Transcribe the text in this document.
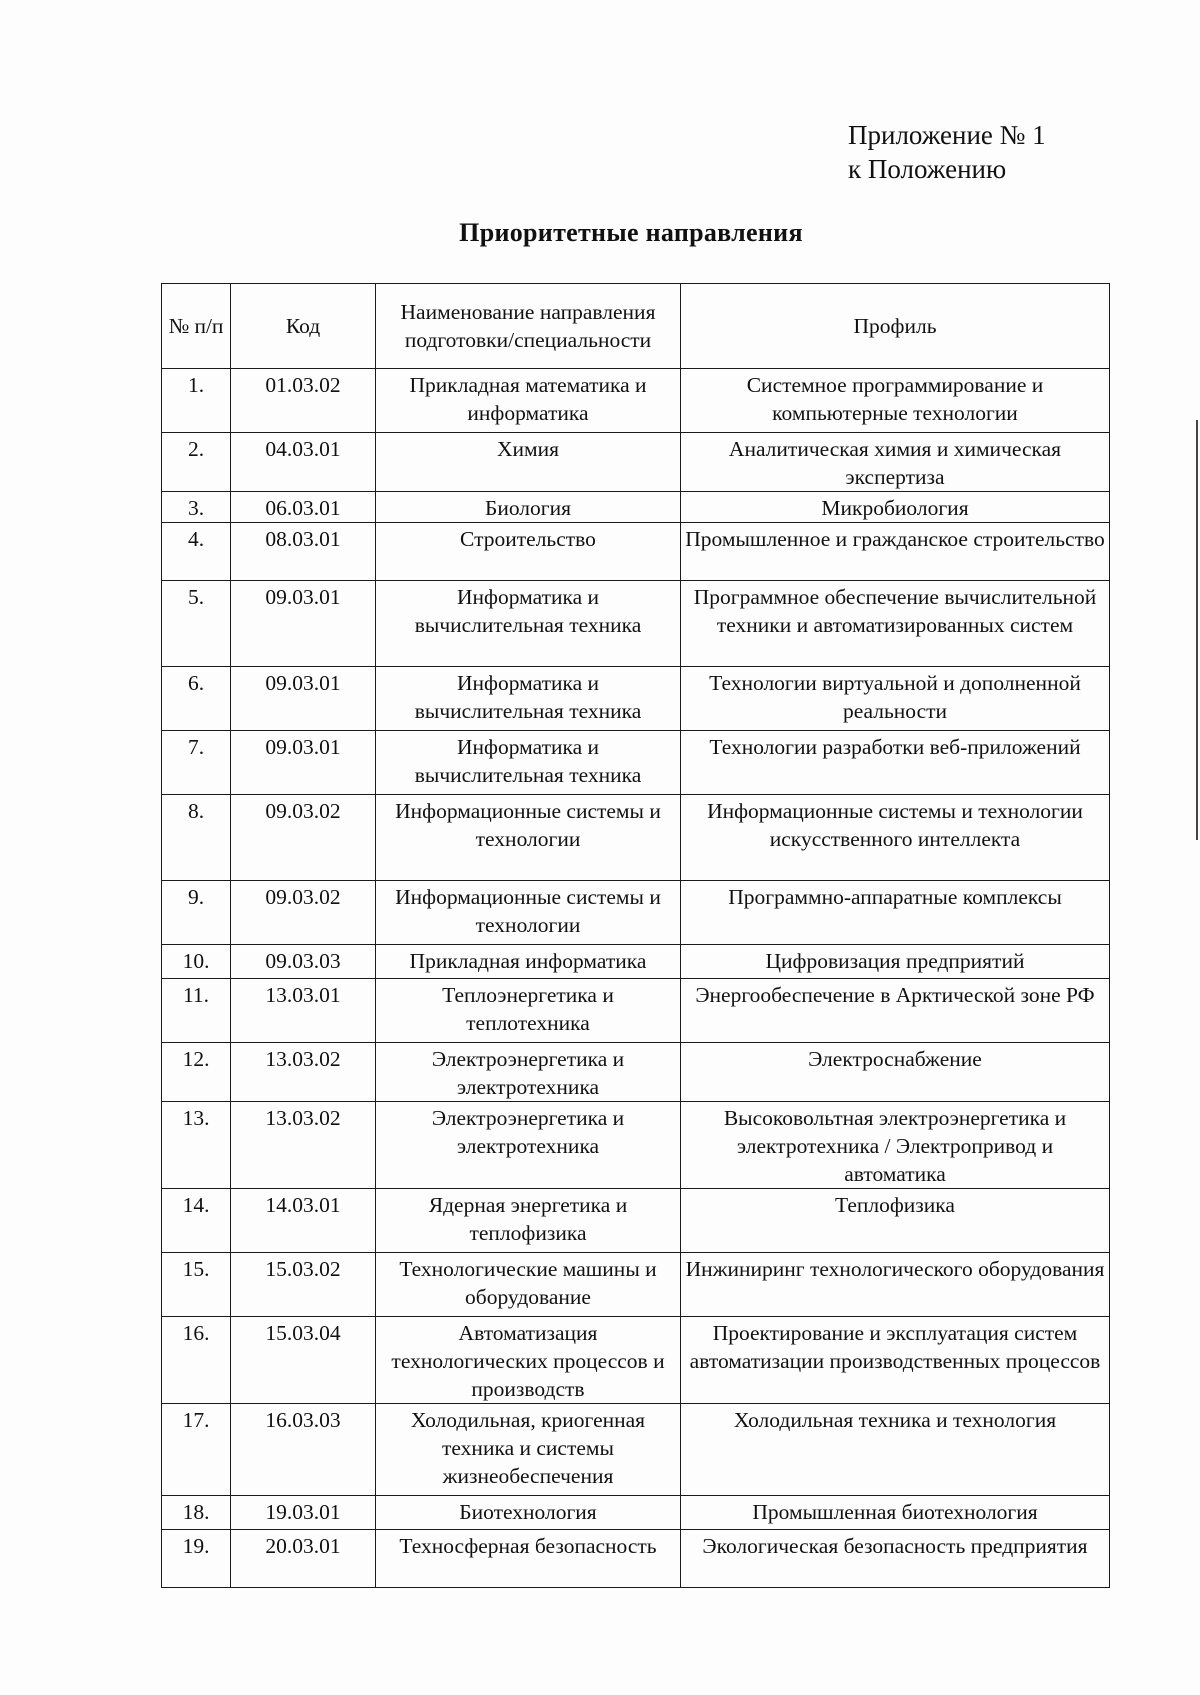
Приложение № 1
к Положению
Приоритетные направления
№ п/п	Код	Наименование направления подготовки/специальности	Профиль
1.	01.03.02	Прикладная математика и информатика	Системное программирование и компьютерные технологии
2.	04.03.01	Химия	Аналитическая химия и химическая экспертиза
3.	06.03.01	Биология	Микробиология
4.	08.03.01	Строительство	Промышленное и гражданское строительство
5.	09.03.01	Информатика и вычислительная техника	Программное обеспечение вычислительной техники и автоматизированных систем
6.	09.03.01	Информатика и вычислительная техника	Технологии виртуальной и дополненной реальности
7.	09.03.01	Информатика и вычислительная техника	Технологии разработки веб-приложений
8.	09.03.02	Информационные системы и технологии	Информационные системы и технологии искусственного интеллекта
9.	09.03.02	Информационные системы и технологии	Программно-аппаратные комплексы
10.	09.03.03	Прикладная информатика	Цифровизация предприятий
11.	13.03.01	Теплоэнергетика и теплотехника	Энергообеспечение в Арктической зоне РФ
12.	13.03.02	Электроэнергетика и электротехника	Электроснабжение
13.	13.03.02	Электроэнергетика и электротехника	Высоковольтная электроэнергетика и электротехника / Электропривод и автоматика
14.	14.03.01	Ядерная энергетика и теплофизика	Теплофизика
15.	15.03.02	Технологические машины и оборудование	Инжиниринг технологического оборудования
16.	15.03.04	Автоматизация технологических процессов и производств	Проектирование и эксплуатация систем автоматизации производственных процессов
17.	16.03.03	Холодильная, криогенная техника и системы жизнеобеспечения	Холодильная техника и технология
18.	19.03.01	Биотехнология	Промышленная биотехнология
19.	20.03.01	Техносферная безопасность	Экологическая безопасность предприятия
